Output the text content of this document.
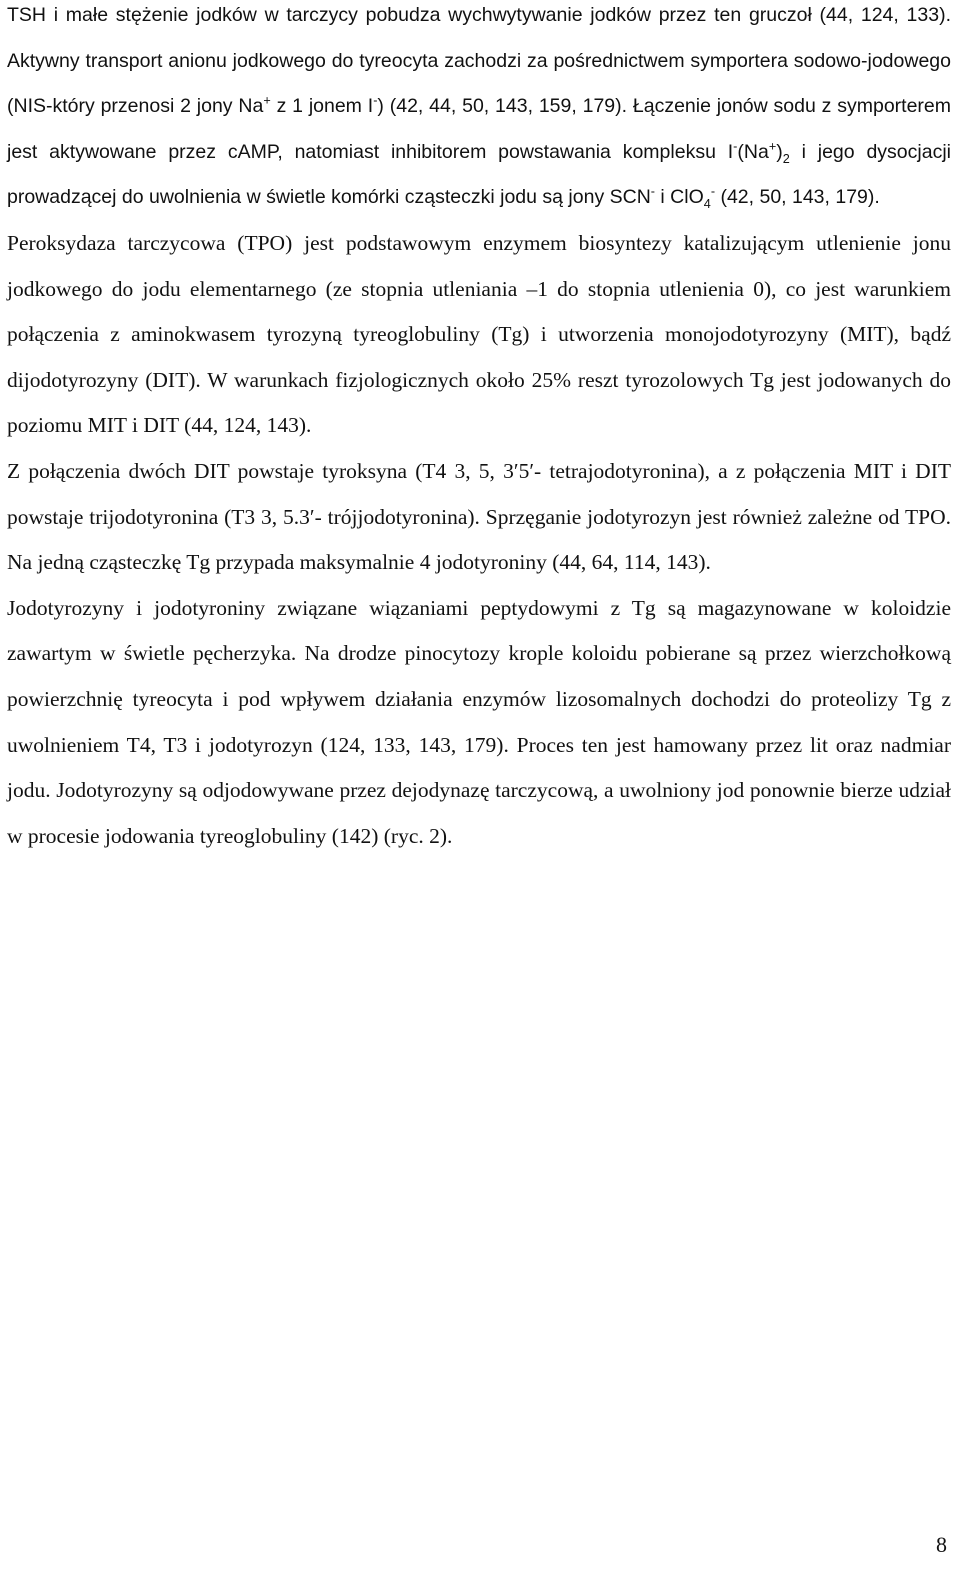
TSH i małe stężenie jodków w tarczycy pobudza wychwytywanie jodków przez ten gruczoł (44, 124, 133). Aktywny transport anionu jodkowego do tyreocyta zachodzi za pośrednictwem symportera sodowo-jodowego (NIS-który przenosi 2 jony Na+ z 1 jonem I-) (42, 44, 50, 143, 159, 179). Łączenie jonów sodu z symporterem jest aktywowane przez cAMP, natomiast inhibitorem powstawania kompleksu $I^-(Na^+)_2$ i jego dysocjacji prowadzącej do uwolnienia w świetle komórki cząsteczki jodu są jony SCN- i ClO$_4$- (42, 50, 143, 179).

Peroksydaza tarczycowa (TPO) jest podstawowym enzymem biosyntezy katalizującym utlenienie jonu jodkowego do jodu elementarnego (ze stopnia utleniania –1 do stopnia utlenienia 0), co jest warunkiem połączenia z aminokwasem tyrozyną tyreoglobuliny (Tg) i utworzenia monojodotyrozyny (MIT), bądź dijodotyrozyny (DIT). W warunkach fizjologicznych około 25% reszt tyrozolowych Tg jest jodowanych do poziomu MIT i DIT (44, 124, 143).

Z połączenia dwóch DIT powstaje tyroksyna (T4 3, 5, 3′5′- tetrajodotyronina), a z połączenia MIT i DIT powstaje trijodotyronina (T3 3, 5.3′- trójjodotyronina). Sprzęganie jodotyrozyn jest również zależne od TPO. Na jedną cząsteczkę Tg przypada maksymalnie 4 jodotyroniny (44, 64, 114, 143).

Jodotyrozyny i jodotyroniny związane wiązaniami peptydowymi z Tg są magazynowane w koloidzie zawartym w świetle pęcherzyka. Na drodze pinocytozy krople koloidu pobierane są przez wierzchołkową powierzchnię tyreocyta i pod wpływem działania enzymów lizosomalnych dochodzi do proteolizy Tg z uwolnieniem T4, T3 i jodotyrozyn (124, 133, 143, 179). Proces ten jest hamowany przez lit oraz nadmiar jodu. Jodotyrozyny są odjodowywane przez dejodynazę tarczycową, a uwolniony jod ponownie bierze udział w procesie jodowania tyreoglobuliny (142) (ryc. 2).

8
